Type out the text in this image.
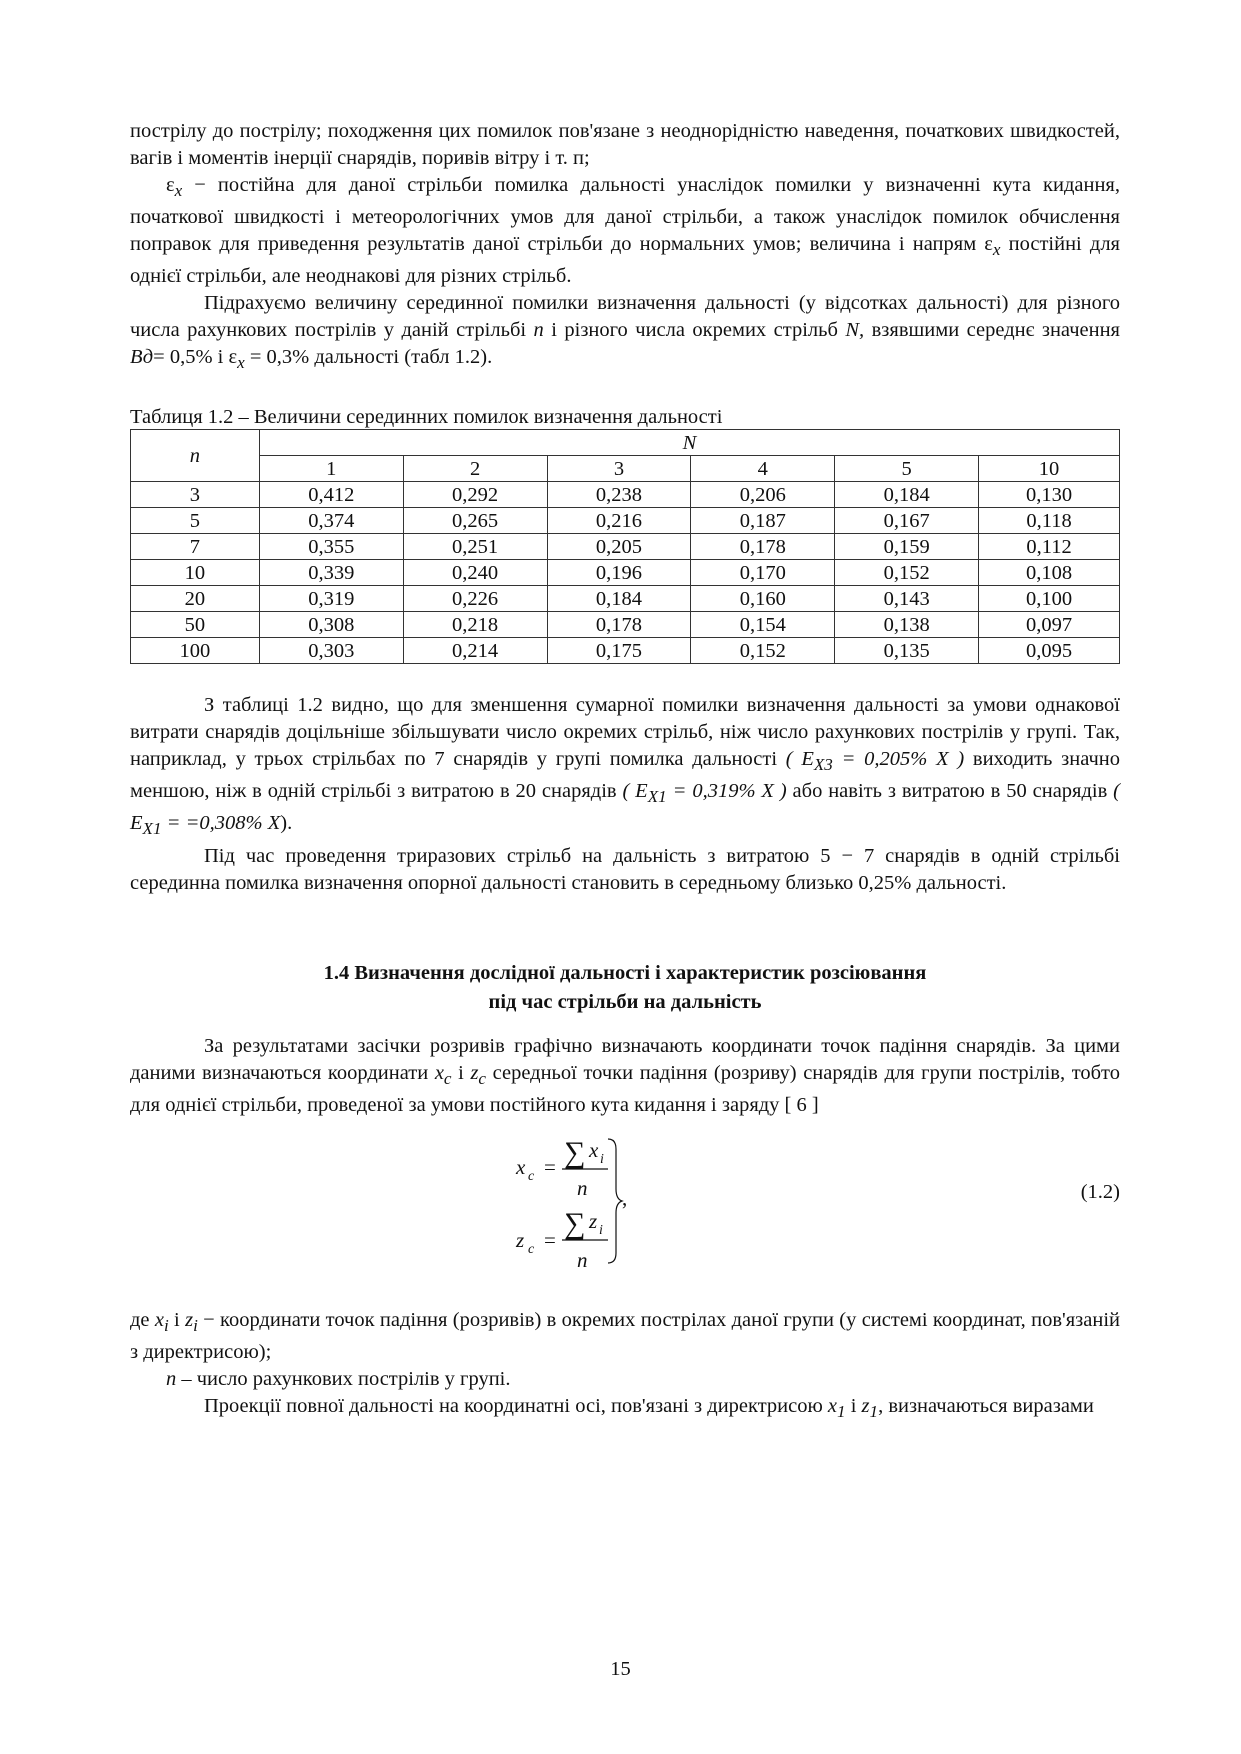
пострілу до пострілу; походження цих помилок пов'язане з неоднорідністю наведення, початкових швидкостей, вагів і моментів інерції снарядів, поривів вітру і т. п;

$\varepsilon_x$ − постійна для даної стрільби помилка дальності унаслідок помилки у визначенні кута кидання, початкової швидкості і метеорологічних умов для даної стрільби, а також унаслідок помилок обчислення поправок для приведення результатів даної стрільби до нормальних умов; величина і напрям $\varepsilon_x$ постійні для однієї стрільби, але неоднакові для різних стрільб.

Підрахуємо величину серединної помилки визначення дальності (у відсотках дальності) для різного числа рахункових пострілів у даній стрільбі n і різного числа окремих стрільб N, взявшими середнє значення Вд= 0,5% і $\varepsilon_x = 0,3\%$ дальності (табл 1.2).

Таблиця 1.2 – Величини серединних помилок визначення дальності

n	N					
	1	2	3	4	5	10
3	0,412	0,292	0,238	0,206	0,184	0,130
5	0,374	0,265	0,216	0,187	0,167	0,118
7	0,355	0,251	0,205	0,178	0,159	0,112
10	0,339	0,240	0,196	0,170	0,152	0,108
20	0,319	0,226	0,184	0,160	0,143	0,100
50	0,308	0,218	0,178	0,154	0,138	0,097
100	0,303	0,214	0,175	0,152	0,135	0,095

З таблиці 1.2 видно, що для зменшення сумарної помилки визначення дальності за умови однакової витрати снарядів доцільніше збільшувати число окремих стрільб, ніж число рахункових пострілів у групі. Так, наприклад, у трьох стрільбах по 7 снарядів у групі помилка дальності ( $Е_{X3} = 0,205\%$ X ) виходить значно меншою, ніж в одній стрільбі з витратою в 20 снарядів ( $Е_{X1} = 0,319\%$ X ) або навіть з витратою в 50 снарядів ( $Е_{X1} = =0,308\%$ X).

Під час проведення триразових стрільб на дальність з витратою 5 − 7 снарядів в одній стрільбі серединна помилка визначення опорної дальності становить в середньому близько 0,25% дальності.

1.4 Визначення дослідної дальності і характеристик розсіювання
під час стрільби на дальність

За результатами засічки розривів графічно визначають координати точок падіння снарядів. За цими даними визначаються координати $x_c$ і $z_c$ середньої точки падіння (розриву) снарядів для групи пострілів, тобто для однієї стрільби, проведеної за умови постійного кута кидання і заряду [ 6 ]

x c = ∑ x i
n
z c = ∑ z i
n
,	(1.2)

де $x_i$ і $z_i$ − координати точок падіння (розривів) в окремих пострілах даної групи (у системі координат, пов'язаній з директрисою);

n – число рахункових пострілів у групі.

Проекції повної дальності на координатні осі, пов'язані з директрисою $x_1$ і $z_1$, визначаються виразами

15
